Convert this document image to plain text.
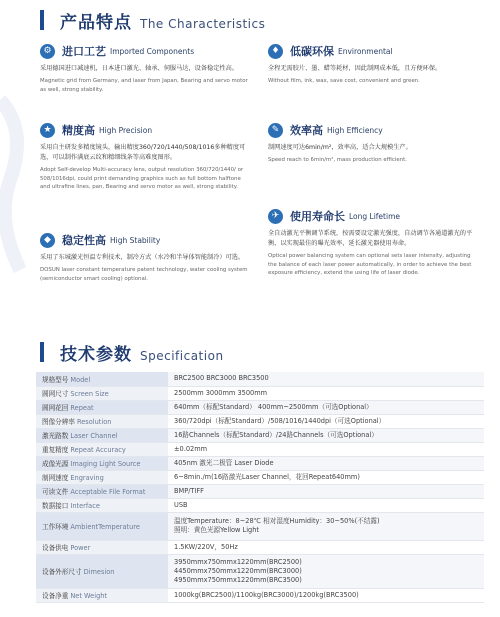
产品特点 The Characteristics
⚙ 进口工艺 Imported Components
采用德国进口减速机，日本进口激光、轴承、伺服马达，设备稳定性高。
Magnetic grid from Germany, and laser from Japan, Bearing and servo motor as well, strong stability.
★ 精度高 High Precision
采用自主研发多精度镜头，输出精度360/720/1440/508/1016多种精度可选，可以制作满底云纹和精细线条等高难度图形。
Adopt Self-develop Multi-accuracy lens, output resolution 360/720/1440/ or 508/1016dpi, could print demanding graphics such as full bottom halftone and ultrafine lines, pan, Bearing and servo motor as well, strong stability.
◆	稳定性高 High Stability
采用了东城激光恒温专利技术，制冷方式（水冷和半导体智能制冷）可选。
DOSUN laser constant temperature patent technology, water cooling system (semiconductor smart cooling) optional.
♦ 低碳环保 Environmental
全程无需胶片、墨、蜡等耗材，因此制网成本低，且方便环保。
Without film, ink, wax, save cost, convenient and green.
✎ 效率高 High Efficiency
制网速度可达6min/m²，效率高，适合大规模生产。
Speed reach to 6min/m², mass production efficient.
✈ 使用寿命长 Long Lifetime
全自动激光平衡调节系统，按需要设定激光强度，自动调节各通道激光的平衡，以实现最佳的曝光效率，延长激光器使用寿命。
Optical power balancing system can optional sets laser intensity, adjusting the balance of each laser power automatically, in order to achieve the best exposure efficiency, extend the using life of laser diode.
技术参数 Specification
规格型号 Model	BRC2500 BRC3000 BRC3500
圆网尺寸 Screen Size	2500mm 3000mm 3500mm
圆网花回 Repeat	640mm（标配Standard） 400mm~2500mm（可选Optional）
图像分辨率 Resolution	360/720dpi（标配Standard）/508/1016/1440dpi（可选Optional）
激光路数 Laser Channel	16路Channels（标配Standard）/24路Channels（可选Optional）
重复精度 Repeat Accuracy	±0.02mm
成像光源 Imaging Light Source	405nm 激光二极管 Laser Diode
制网速度 Engraving	6~8min./m(16路激光Laser Channel，花回Repeat640mm)
可读文件 Acceptable File Format	BMP/TIFF
数据接口 Interface	USB
工作环境 AmbientTemperature	温度Temperature：8~28℃ 相对湿度Humidity：30~50%(不结露)
照明：黄色光源Yellow Light
设备供电 Power	1.5KW/220V，50Hz
设备外形尺寸 Dimesion	3950mmx750mmx1220mm(BRC2500)
4450mmx750mmx1220mm(BRC3000)
4950mmx750mmx1220mm(BRC3500)
设备净重 Net Weight	1000kg(BRC2500)/1100kg(BRC3000)/1200kg(BRC3500)
